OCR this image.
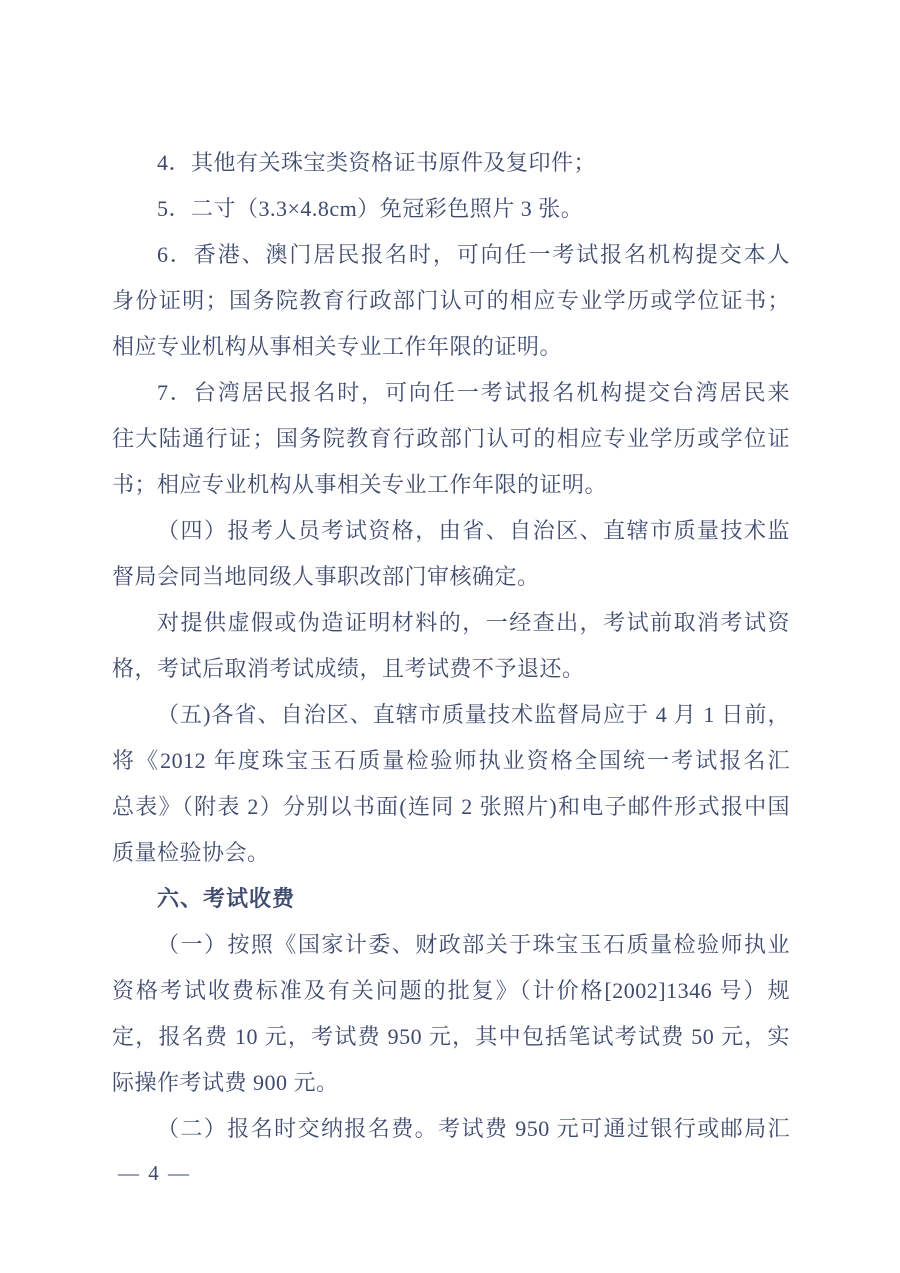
4．其他有关珠宝类资格证书原件及复印件；
5．二寸（3.3×4.8cm）免冠彩色照片 3 张。
6．香港、澳门居民报名时，可向任一考试报名机构提交本人
身份证明；国务院教育行政部门认可的相应专业学历或学位证书；
相应专业机构从事相关专业工作年限的证明。
7．台湾居民报名时，可向任一考试报名机构提交台湾居民来
往大陆通行证；国务院教育行政部门认可的相应专业学历或学位证
书；相应专业机构从事相关专业工作年限的证明。
（四）报考人员考试资格，由省、自治区、直辖市质量技术监
督局会同当地同级人事职改部门审核确定。
对提供虚假或伪造证明材料的，一经查出，考试前取消考试资
格，考试后取消考试成绩，且考试费不予退还。
（五)各省、自治区、直辖市质量技术监督局应于 4 月 1 日前，
将《2012 年度珠宝玉石质量检验师执业资格全国统一考试报名汇
总表》（附表 2）分别以书面(连同 2 张照片)和电子邮件形式报中国
质量检验协会。
六、考试收费
（一）按照《国家计委、财政部关于珠宝玉石质量检验师执业
资格考试收费标准及有关问题的批复》（计价格[2002]1346 号）规
定，报名费 10 元，考试费 950 元，其中包括笔试考试费 50 元，实
际操作考试费 900 元。
（二）报名时交纳报名费。考试费 950 元可通过银行或邮局汇
— 4 —
